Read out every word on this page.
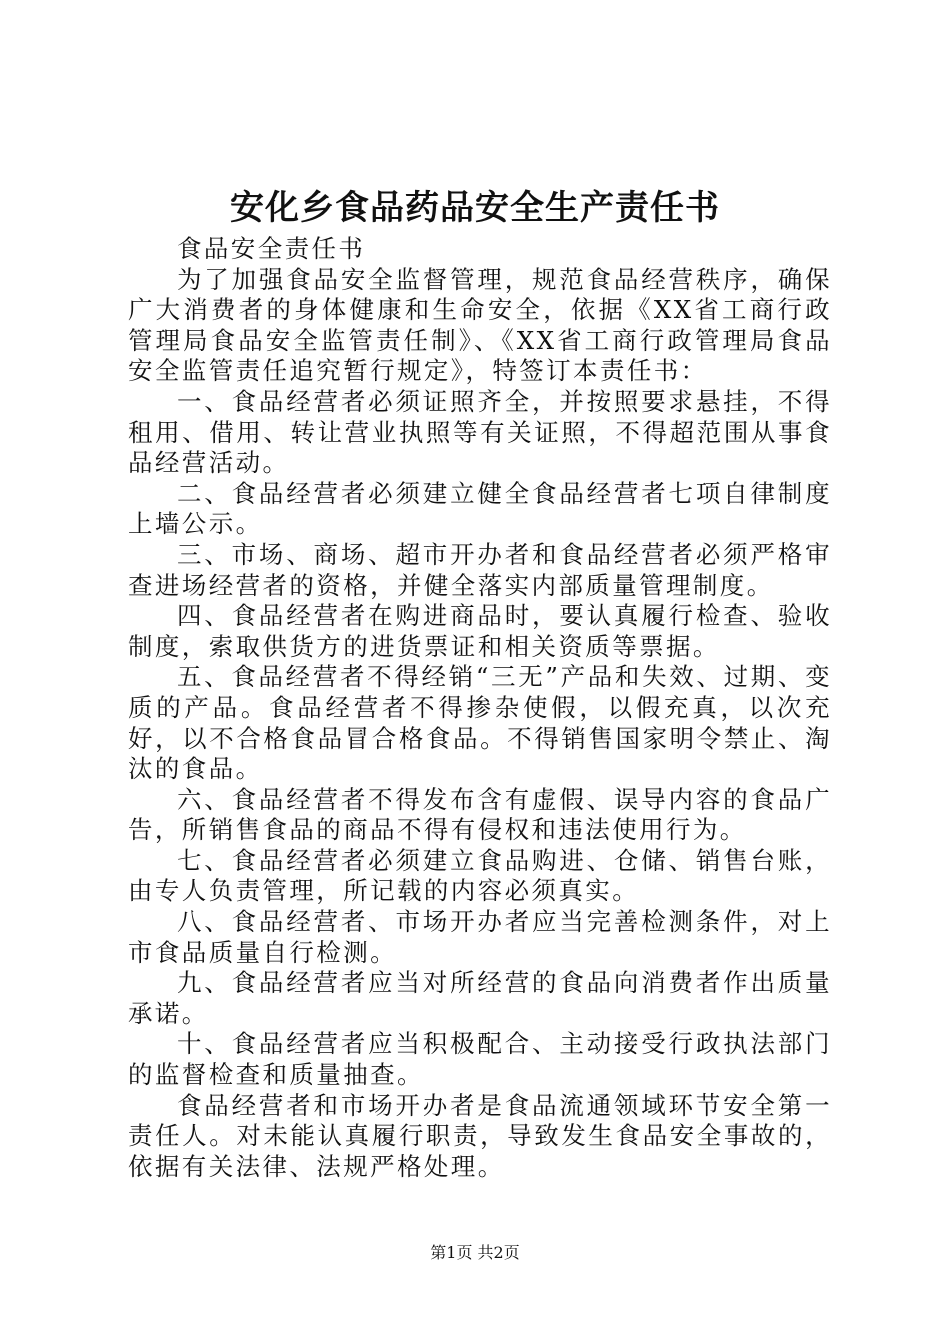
安化乡食品药品安全生产责任书

食品安全责任书

为了加强食品安全监督管理，规范食品经营秩序，确保广大消费者的身体健康和生命安全，依据《XX省工商行政管理局食品安全监管责任制》、《XX省工商行政管理局食品安全监管责任追究暂行规定》，特签订本责任书：

一、食品经营者必须证照齐全，并按照要求悬挂，不得租用、借用、转让营业执照等有关证照，不得超范围从事食品经营活动。

二、食品经营者必须建立健全食品经营者七项自律制度上墙公示。

三、市场、商场、超市开办者和食品经营者必须严格审查进场经营者的资格，并健全落实内部质量管理制度。

四、食品经营者在购进商品时，要认真履行检查、验收制度，索取供货方的进货票证和相关资质等票据。

五、食品经营者不得经销“三无”产品和失效、过期、变质的产品。食品经营者不得掺杂使假，以假充真，以次充好，以不合格食品冒合格食品。不得销售国家明令禁止、淘汰的食品。

六、食品经营者不得发布含有虚假、误导内容的食品广告，所销售食品的商品不得有侵权和违法使用行为。

七、食品经营者必须建立食品购进、仓储、销售台账，由专人负责管理，所记载的内容必须真实。

八、食品经营者、市场开办者应当完善检测条件，对上市食品质量自行检测。

九、食品经营者应当对所经营的食品向消费者作出质量承诺。

十、食品经营者应当积极配合、主动接受行政执法部门的监督检查和质量抽查。

食品经营者和市场开办者是食品流通领域环节安全第一责任人。对未能认真履行职责，导致发生食品安全事故的，依据有关法律、法规严格处理。

第1页 共2页
